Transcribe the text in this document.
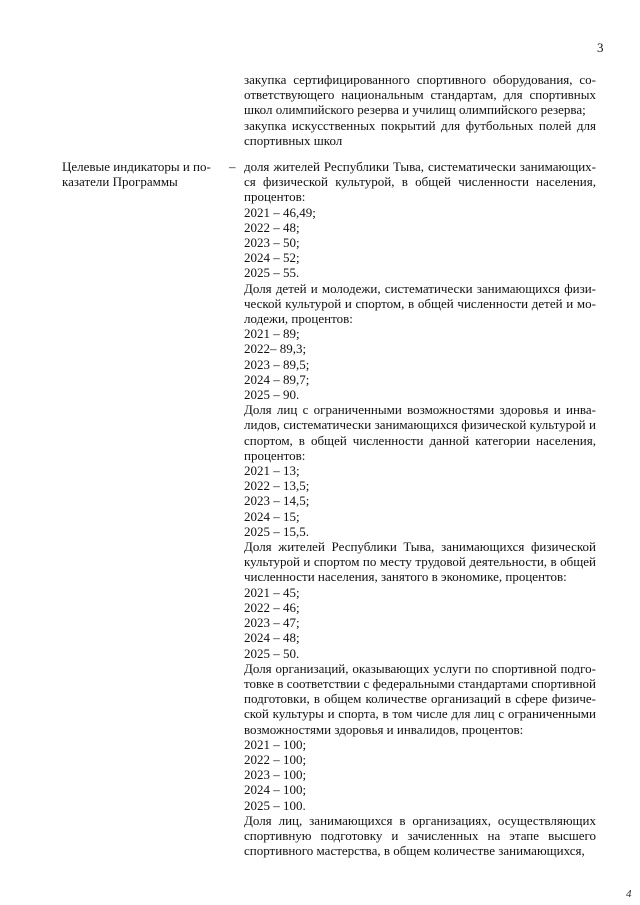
3

закупка сертифицированного спортивного оборудования, со-ответствующего национальным стандартам, для спортивных школ олимпийского резерва и училищ олимпийского резерва;

закупка искусственных покрытий для футбольных полей для спортивных школ

Целевые индикаторы и по-казатели Программы
– доля жителей Республики Тыва, систематически занимающих-ся физической культурой, в общей численности населения, процентов:

2021 – 46,49;
2022 – 48;
2023 – 50;
2024 – 52;
2025 – 55.

Доля детей и молодежи, систематически занимающихся физи-ческой культурой и спортом, в общей численности детей и мо-лодежи, процентов:

2021 – 89;
2022– 89,3;
2023 – 89,5;
2024 – 89,7;
2025 – 90.

Доля лиц с ограниченными возможностями здоровья и инва-лидов, систематически занимающихся физической культурой и спортом, в общей численности данной категории населения, процентов:

2021 – 13;
2022 – 13,5;
2023 – 14,5;
2024 – 15;
2025 – 15,5.

Доля жителей Республики Тыва, занимающихся физической культурой и спортом по месту трудовой деятельности, в общей численности населения, занятого в экономике, процентов:

2021 – 45;
2022 – 46;
2023 – 47;
2024 – 48;
2025 – 50.

Доля организаций, оказывающих услуги по спортивной подго-товке в соответствии с федеральными стандартами спортивной подготовки, в общем количестве организаций в сфере физиче-ской культуры и спорта, в том числе для лиц с ограниченными возможностями здоровья и инвалидов, процентов:

2021 – 100;
2022 – 100;
2023 – 100;
2024 – 100;
2025 – 100.

Доля лиц, занимающихся в организациях, осуществляющих спортивную подготовку и зачисленных на этапе высшего спортивного мастерства, в общем количестве занимающихся,

4
